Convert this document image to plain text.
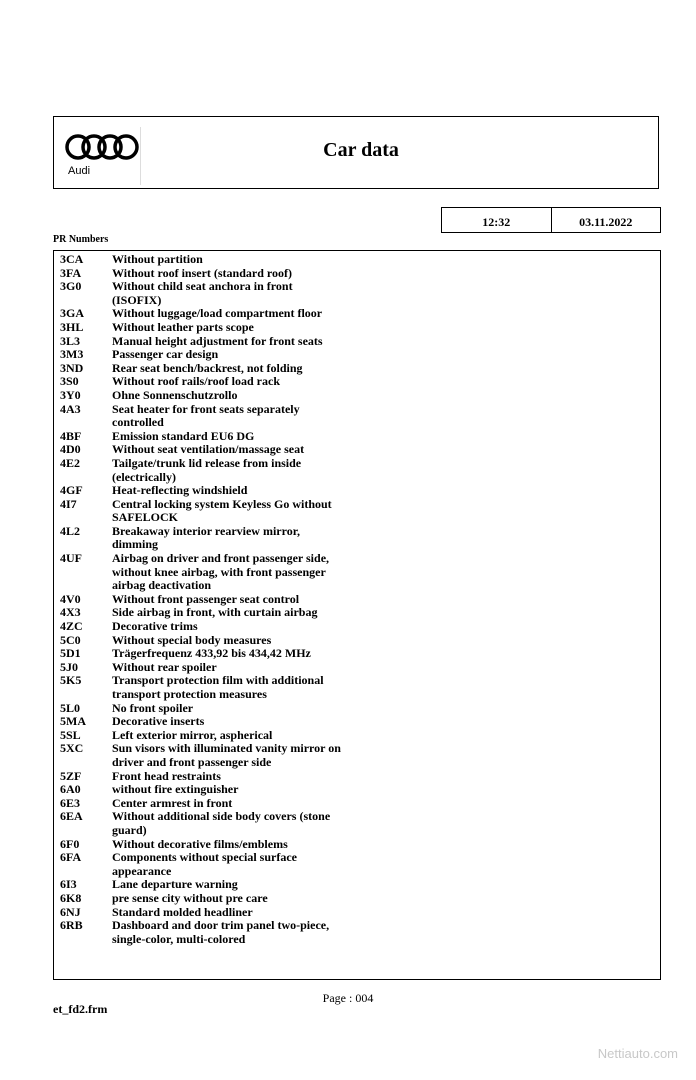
Audi
Car data
12:32	03.11.2022
PR Numbers
3CA	Without partition
3FA	Without roof insert (standard roof)
3G0	Without child seat anchora in front (ISOFIX)
3GA	Without luggage/load compartment floor
3HL	Without leather parts scope
3L3	Manual height adjustment for front seats
3M3	Passenger car design
3ND	Rear seat bench/backrest, not folding
3S0	Without roof rails/roof load rack
3Y0	Ohne Sonnenschutzrollo
4A3	Seat heater for front seats separately controlled
4BF	Emission standard EU6 DG
4D0	Without seat ventilation/massage seat
4E2	Tailgate/trunk lid release from inside (electrically)
4GF	Heat-reflecting windshield
4I7	Central locking system Keyless Go without SAFELOCK
4L2	Breakaway interior rearview mirror, dimming
4UF	Airbag on driver and front passenger side, without knee airbag, with front passenger airbag deactivation
4V0	Without front passenger seat control
4X3	Side airbag in front, with curtain airbag
4ZC	Decorative trims
5C0	Without special body measures
5D1	Trägerfrequenz 433,92 bis 434,42 MHz
5J0	Without rear spoiler
5K5	Transport protection film with additional transport protection measures
5L0	No front spoiler
5MA	Decorative inserts
5SL	Left exterior mirror, aspherical
5XC	Sun visors with illuminated vanity mirror on driver and front passenger side
5ZF	Front head restraints
6A0	without fire extinguisher
6E3	Center armrest in front
6EA	Without additional side body covers (stone guard)
6F0	Without decorative films/emblems
6FA	Components without special surface appearance
6I3	Lane departure warning
6K8	pre sense city without pre care
6NJ	Standard molded headliner
6RB	Dashboard and door trim panel two-piece, single-color, multi-colored
Page : 004
et_fd2.frm
Nettiauto.com
